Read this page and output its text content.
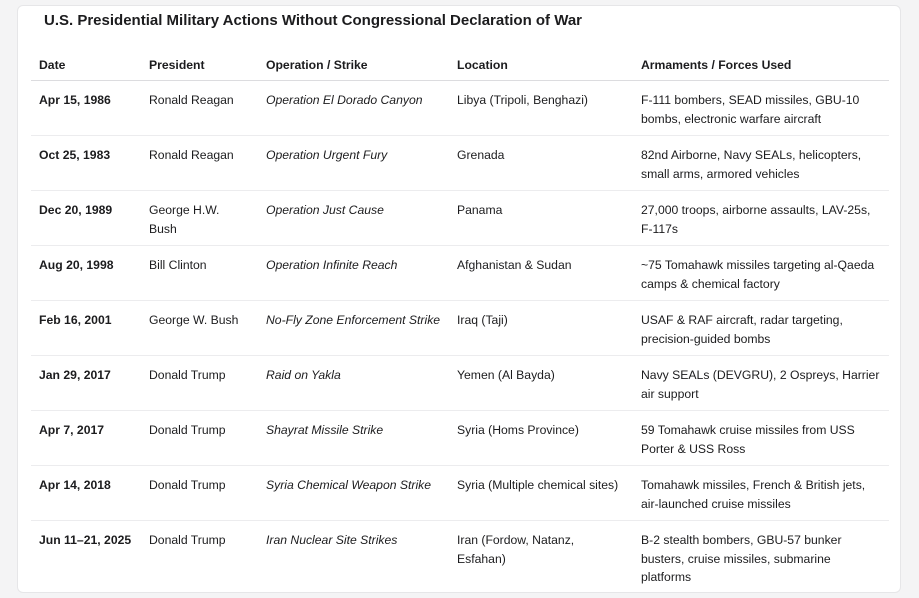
U.S. Presidential Military Actions Without Congressional Declaration of War
Date	President	Operation / Strike	Location	Armaments / Forces Used

Apr 15, 1986	Ronald Reagan	Operation El Dorado Canyon	Libya (Tripoli, Benghazi)	F-111 bombers, SEAD missiles, GBU-10 bombs, electronic warfare aircraft

Oct 25, 1983	Ronald Reagan	Operation Urgent Fury	Grenada	82nd Airborne, Navy SEALs, helicopters, small arms, armored vehicles

Dec 20, 1989	George H.W. Bush	Operation Just Cause	Panama	27,000 troops, airborne assaults, LAV-25s, F-117s

Aug 20, 1998	Bill Clinton	Operation Infinite Reach	Afghanistan & Sudan	~75 Tomahawk missiles targeting al-Qaeda camps & chemical factory

Feb 16, 2001	George W. Bush	No-Fly Zone Enforcement Strike	Iraq (Taji)	USAF & RAF aircraft, radar targeting, precision-guided bombs

Jan 29, 2017	Donald Trump	Raid on Yakla	Yemen (Al Bayda)	Navy SEALs (DEVGRU), 2 Ospreys, Harrier air support

Apr 7, 2017	Donald Trump	Shayrat Missile Strike	Syria (Homs Province)	59 Tomahawk cruise missiles from USS Porter & USS Ross

Apr 14, 2018	Donald Trump	Syria Chemical Weapon Strike	Syria (Multiple chemical sites)	Tomahawk missiles, French & British jets, air-launched cruise missiles

Jun 11–21, 2025	Donald Trump	Iran Nuclear Site Strikes	Iran (Fordow, Natanz, Esfahan)	B-2 stealth bombers, GBU-57 bunker busters, cruise missiles, submarine platforms
